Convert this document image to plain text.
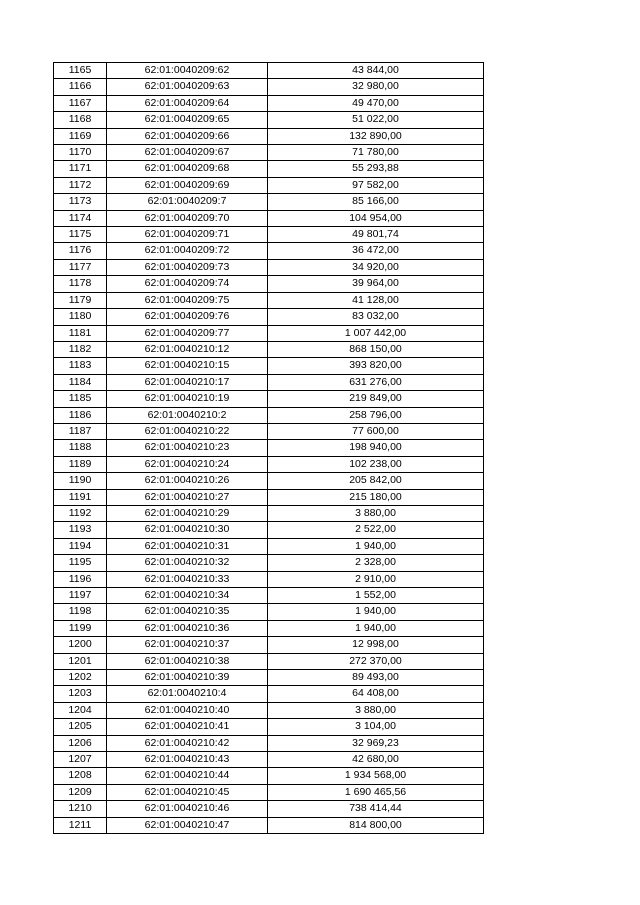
1165	62:01:0040209:62	43 844,00
1166	62:01:0040209:63	32 980,00
1167	62:01:0040209:64	49 470,00
1168	62:01:0040209:65	51 022,00
1169	62:01:0040209:66	132 890,00
1170	62:01:0040209:67	71 780,00
1171	62:01:0040209:68	55 293,88
1172	62:01:0040209:69	97 582,00
1173	62:01:0040209:7	85 166,00
1174	62:01:0040209:70	104 954,00
1175	62:01:0040209:71	49 801,74
1176	62:01:0040209:72	36 472,00
1177	62:01:0040209:73	34 920,00
1178	62:01:0040209:74	39 964,00
1179	62:01:0040209:75	41 128,00
1180	62:01:0040209:76	83 032,00
1181	62:01:0040209:77	1 007 442,00
1182	62:01:0040210:12	868 150,00
1183	62:01:0040210:15	393 820,00
1184	62:01:0040210:17	631 276,00
1185	62:01:0040210:19	219 849,00
1186	62:01:0040210:2	258 796,00
1187	62:01:0040210:22	77 600,00
1188	62:01:0040210:23	198 940,00
1189	62:01:0040210:24	102 238,00
1190	62:01:0040210:26	205 842,00
1191	62:01:0040210:27	215 180,00
1192	62:01:0040210:29	3 880,00
1193	62:01:0040210:30	2 522,00
1194	62:01:0040210:31	1 940,00
1195	62:01:0040210:32	2 328,00
1196	62:01:0040210:33	2 910,00
1197	62:01:0040210:34	1 552,00
1198	62:01:0040210:35	1 940,00
1199	62:01:0040210:36	1 940,00
1200	62:01:0040210:37	12 998,00
1201	62:01:0040210:38	272 370,00
1202	62:01:0040210:39	89 493,00
1203	62:01:0040210:4	64 408,00
1204	62:01:0040210:40	3 880,00
1205	62:01:0040210:41	3 104,00
1206	62:01:0040210:42	32 969,23
1207	62:01:0040210:43	42 680,00
1208	62:01:0040210:44	1 934 568,00
1209	62:01:0040210:45	1 690 465,56
1210	62:01:0040210:46	738 414,44
1211	62:01:0040210:47	814 800,00
